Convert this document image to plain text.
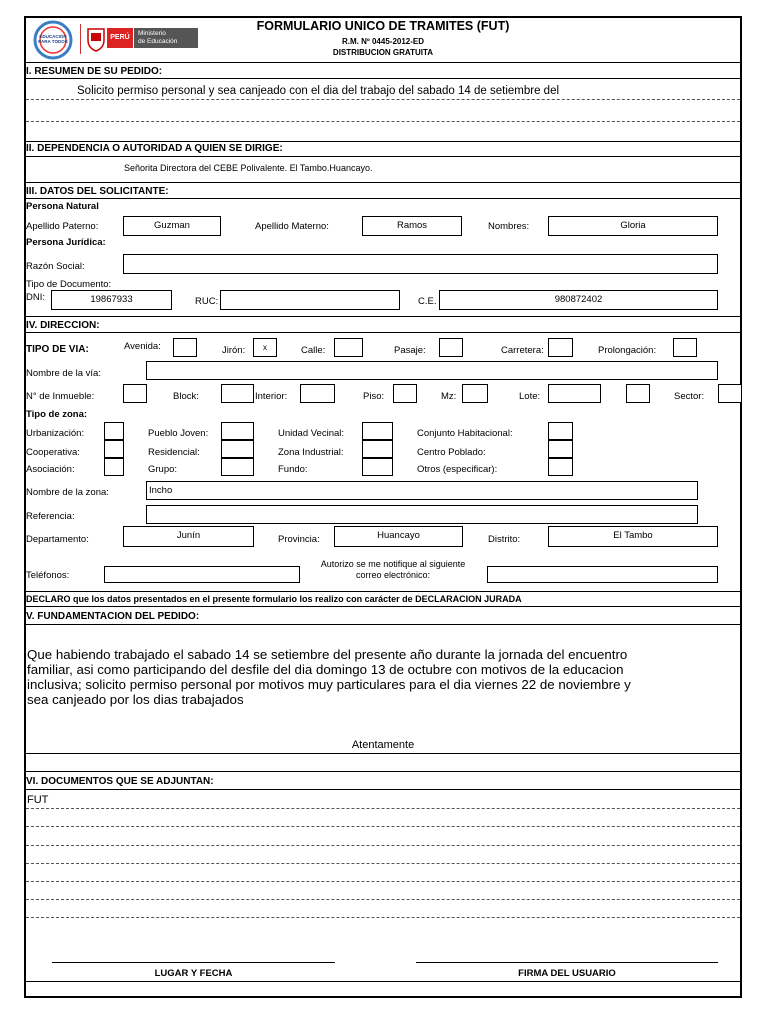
EDUCACIÓN PARA TODOS
PERÚ
Ministerio
de Educación
FORMULARIO UNICO DE TRAMITES (FUT)
R.M. Nº 0445-2012-ED
DISTRIBUCION GRATUITA
I. RESUMEN DE SU PEDIDO:
Solicito permiso personal y sea canjeado con el dia del trabajo del sabado 14 de setiembre del
II. DEPENDENCIA O AUTORIDAD A QUIEN SE DIRIGE:
Señorita Directora del CEBE Polivalente. El Tambo.Huancayo.
III. DATOS DEL SOLICITANTE:
Persona Natural
Apellido Paterno:	Guzman	Apellido Materno:	Ramos	Nombres:	Gloria
Persona Jurídica:
Razón Social:
Tipo de Documento:
DNI:	19867933	RUC:	C.E.	980872402
IV. DIRECCION:
TIPO DE VIA:	Avenida:	Jirón:	x	Calle:	Pasaje:	Carretera:	Prolongación:
Nombre de la vía:
N° de Inmueble:	Block:	Interior:	Piso:	Mz:	Lote:	Sector:
Tipo de zona:
Urbanización:	Pueblo Joven:	Unidad Vecinal:	Conjunto Habitacional:
Cooperativa:	Residencial:	Zona Industrial:	Centro Poblado:
Asociación:	Grupo:	Fundo:	Otros (especificar):
Nombre de la zona:	Incho
Referencia:
Departamento:	Junín	Provincia:	Huancayo	Distrito:	El Tambo
Teléfonos:
Autorizo se me notifique al siguiente
correo electrónico:
DECLARO que los datos presentados en el presente formulario los realizo con carácter de DECLARACION JURADA
V. FUNDAMENTACION DEL PEDIDO:
Que habiendo trabajado el sabado 14 se setiembre del presente año durante la jornada del encuentro
familiar, asi como participando del desfile del dia domingo 13 de octubre con motivos de la educacion
inclusiva; solicito permiso personal por motivos muy particulares para el dia viernes 22 de noviembre y
sea canjeado por los dias trabajados
Atentamente
VI. DOCUMENTOS QUE SE ADJUNTAN:
FUT
LUGAR Y FECHA	FIRMA DEL USUARIO
